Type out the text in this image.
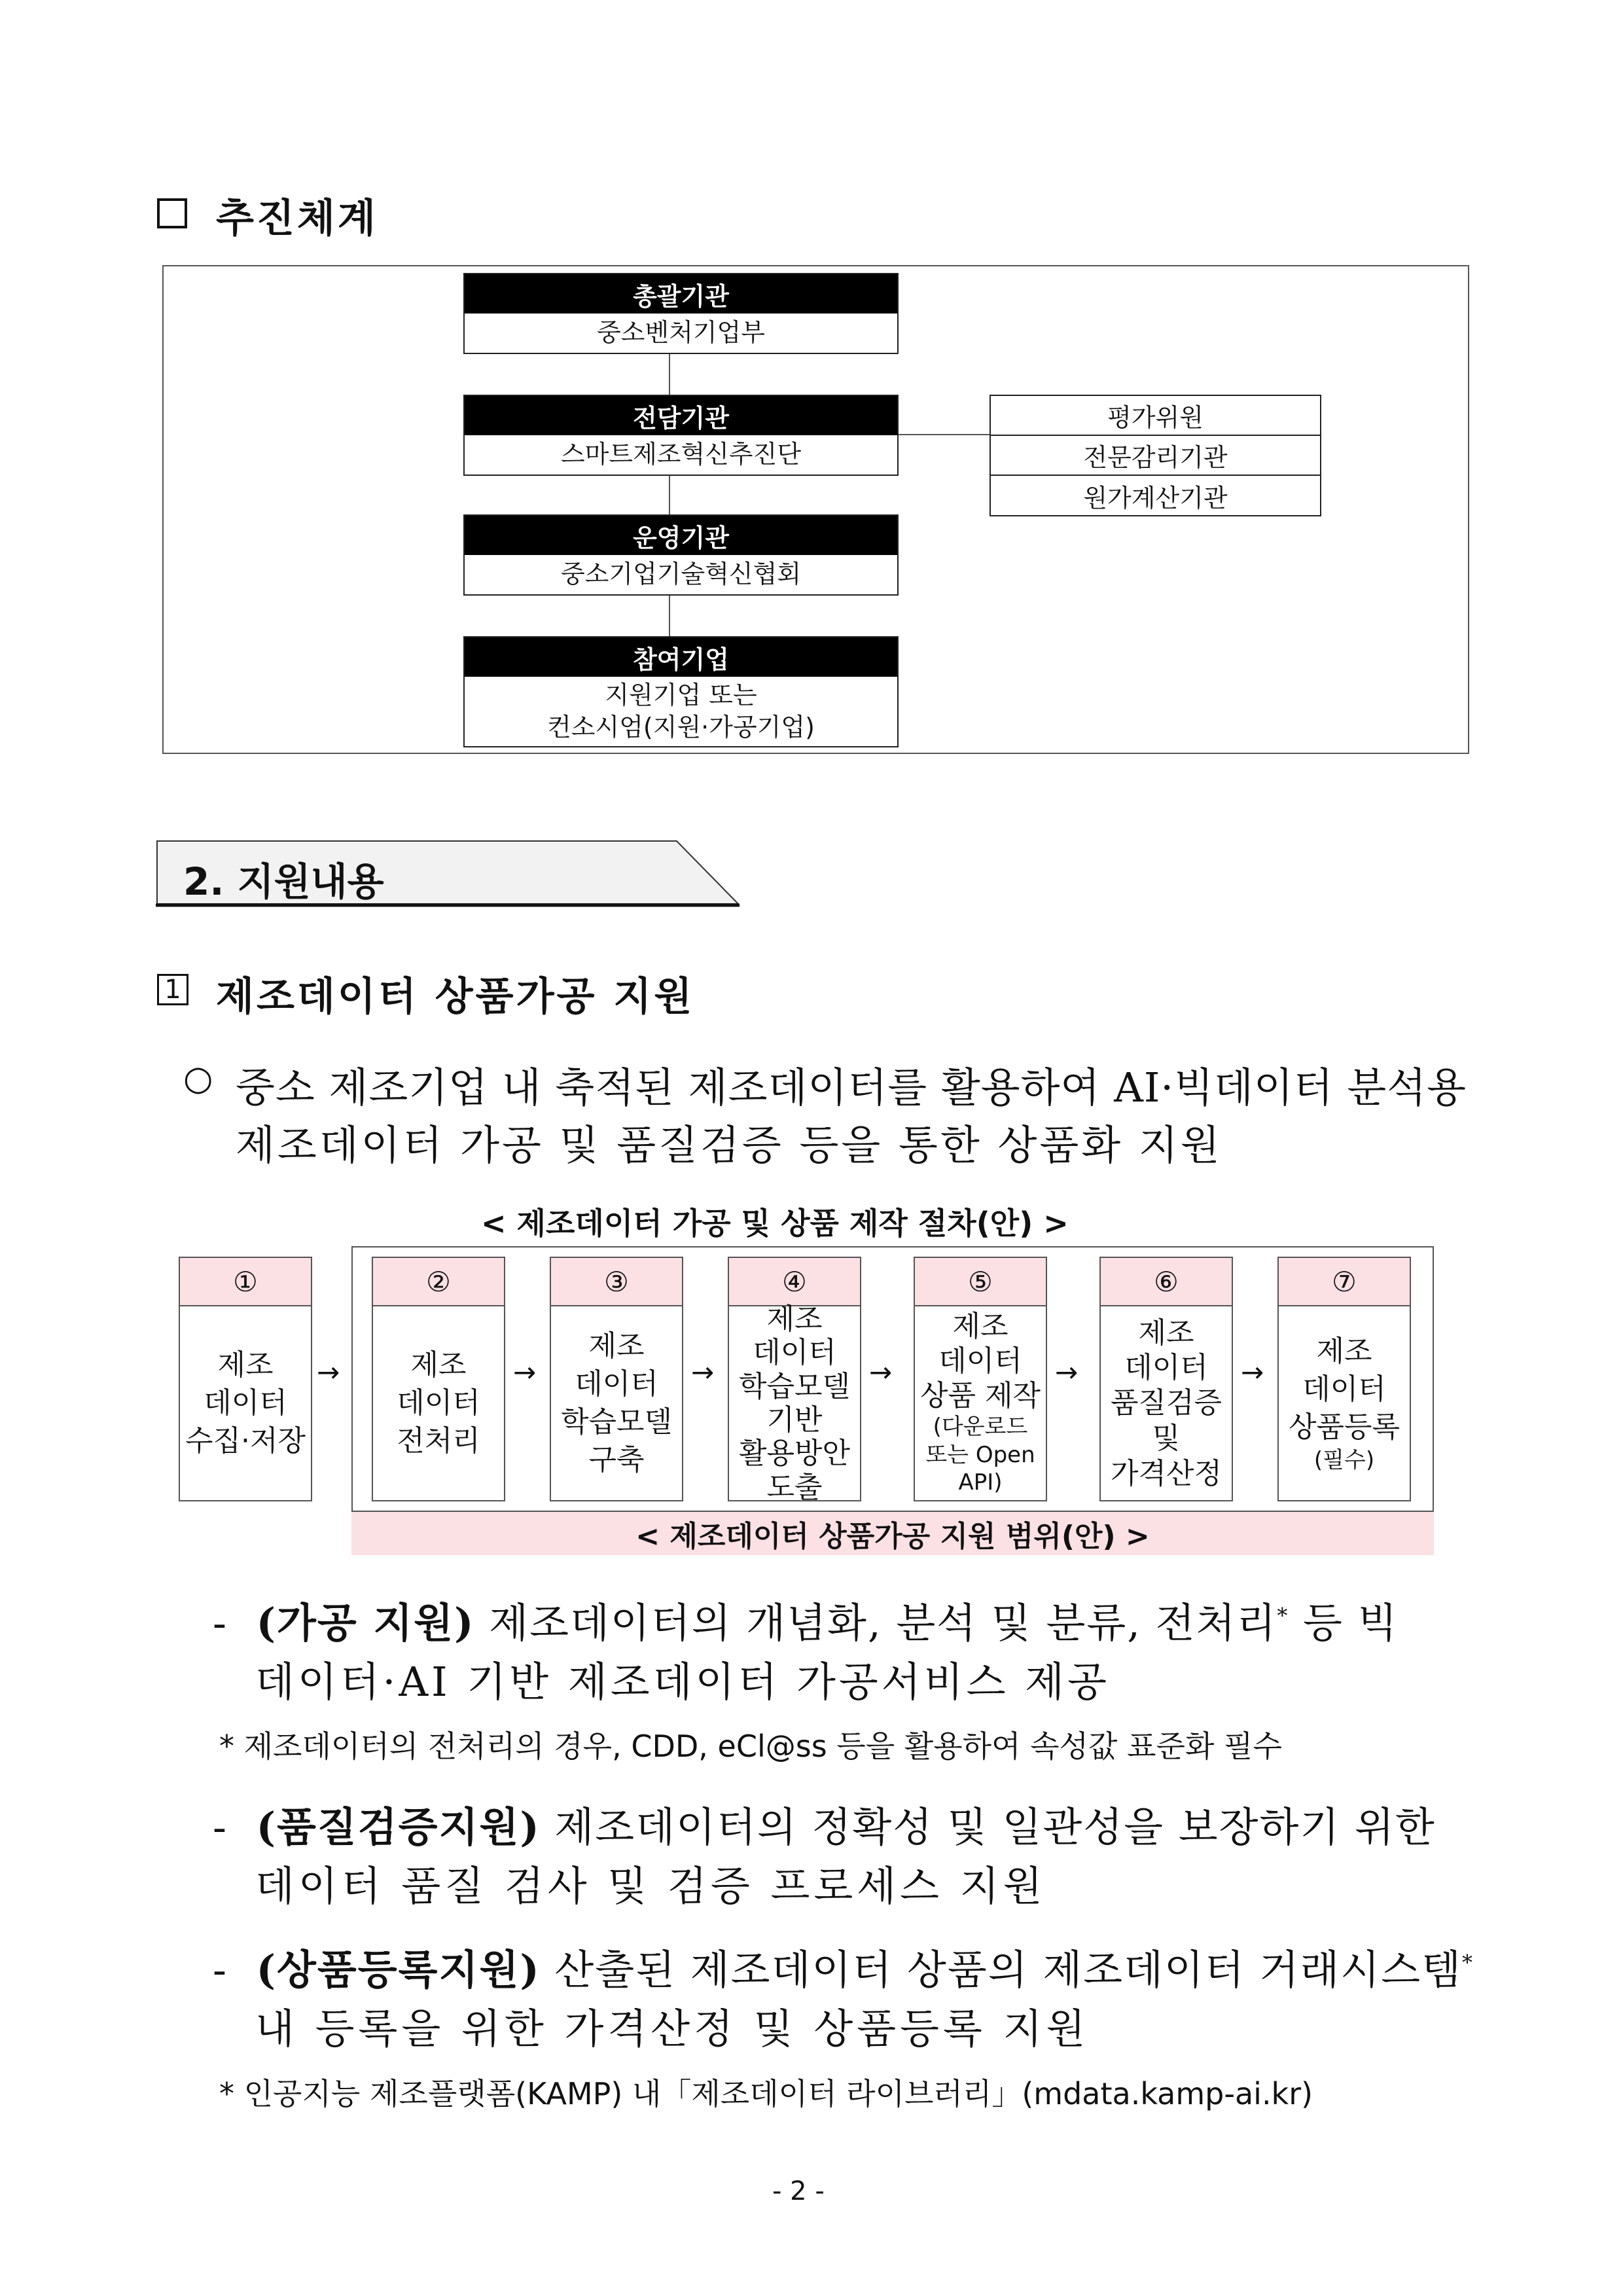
추진체계
총괄기관
중소벤처기업부
전담기관
스마트제조혁신추진단
운영기관
중소기업기술혁신협회
참여기업
지원기업 또는
컨소시엄(지원·가공기업)
평가위원
전문감리기관
원가계산기관
2. 지원내용
1 제조데이터 상품가공 지원
○ 중소 제조기업 내 축적된 제조데이터를 활용하여 AI·빅데이터 분석용
제조데이터 가공 및 품질검증 등을 통한 상품화 지원
< 제조데이터 가공 및 상품 제작 절차(안) >
< 제조데이터 상품가공 지원 범위(안) >
①
제조
데이터
수집·저장
→
②
제조
데이터
전처리
→
③
제조
데이터
학습모델
구축
→
④
제조
데이터
학습모델
기반
활용방안
도출
→
⑤
제조
데이터
상품 제작
(다운로드
또는 Open
API)
→
⑥
제조
데이터
품질검증
및
가격산정
→
⑦
제조
데이터
상품등록
(필수)
- (가공 지원) 제조데이터의 개념화, 분석 및 분류, 전처리* 등 빅
데이터·AI 기반 제조데이터 가공서비스 제공
* 제조데이터의 전처리의 경우, CDD, eCl@ss 등을 활용하여 속성값 표준화 필수
- (품질검증지원) 제조데이터의 정확성 및 일관성을 보장하기 위한
데이터 품질 검사 및 검증 프로세스 지원
- (상품등록지원) 산출된 제조데이터 상품의 제조데이터 거래시스템*
내 등록을 위한 가격산정 및 상품등록 지원
* 인공지능 제조플랫폼(KAMP) 내「제조데이터 라이브러리」(mdata.kamp-ai.kr)
- 2 -
